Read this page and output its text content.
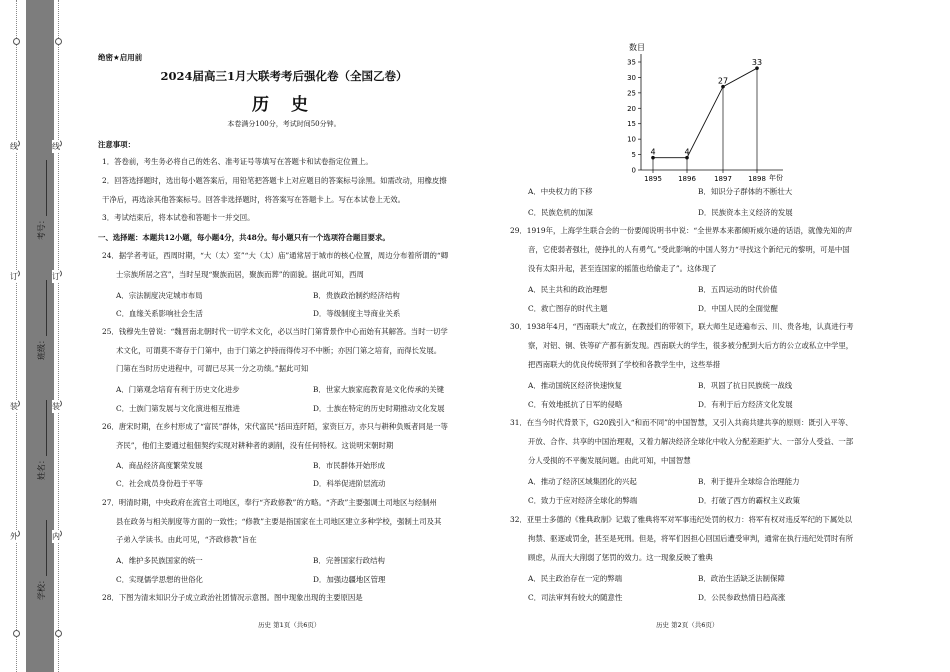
外
装
订
线
内
装
订
线
学校：
姓名：
班级：
考号：
绝密★启用前
2024届高三1月大联考考后强化卷（全国乙卷）
历 史
本卷满分100分，考试时间50分钟。
注意事项：
1．答卷前，考生务必将自己的姓名、准考证号等填写在答题卡和试卷指定位置上。
2．回答选择题时，选出每小题答案后，用铅笔把答题卡上对应题目的答案标号涂黑。如需改动，用橡皮擦
干净后，再选涂其他答案标号。回答非选择题时，将答案写在答题卡上。写在本试卷上无效。
3．考试结束后，将本试卷和答题卡一并交回。
一、选择题：本题共12小题，每小题4分，共48分。每小题只有一个选项符合题目要求。
24．据学者考证，西周时期，“大（太）室”“大（太）庙”通常居于城市的核心位置，周边分布着所谓的“卿
士宗族所居之宫”，当时呈现“聚族而居，聚族而葬”的面貌。据此可知，西周
A．宗法制度决定城市布局	B．贵族政治制约经济结构
C．血缘关系影响社会生活	D．等级制度主导商业关系
25．钱穆先生曾说：“魏晋南北朝时代一切学术文化，必以当时门第背景作中心而始有其解答。当时一切学
术文化，可谓莫不寄存于门第中，由于门第之护持而得传习不中断；亦因门第之培育，而得长发展。
门第在当时历史进程中，可谓已尽其一分之功绩。”据此可知
A．门第观念培育有利于历史文化进步	B．世家大族家庭教育是文化传承的关键
C．士族门第发展与文化演进相互推进	D．士族在特定的历史时期推动文化发展
26．唐宋时期，在乡村形成了“富民”群体，宋代富民“括田连阡陌，家资巨万，亦只与耕种负贩者同是一等
齐民”，他们主要通过租佃契约实现对耕种者的剥削，没有任何特权。这说明宋朝时期
A．商品经济高度繁荣发展	B．市民群体开始形成
C．社会成员身份趋于平等	D．科举促进阶层流动
27．明清时期，中央政府在流官土司地区，奉行“齐政修教”的方略。“齐政”主要强调土司地区与经制州
县在政务与相关制度等方面的一致性；“修教”主要是指国家在土司地区建立多种学校，强制土司及其
子弟入学读书。由此可见，“齐政修教”旨在
A．维护多民族国家的统一	B．完善国家行政结构
C．实现儒学思想的世俗化	D．加强边疆地区管理
28．下图为清末知识分子成立政治社团情况示意图。图中现象出现的主要原因是
历史 第1页（共6页）
数目
年份
0
5
10
15
20
25
30
35
1895 1896	1897 1898
4	4
27
33
A．中央权力的下移	B．知识分子群体的不断壮大
C．民族危机的加深	D．民族资本主义经济的发展
29．1919年，上海学生联合会的一份要闻说明书中说：“全世界本来都倾听威尔逊的话语，就像先知的声
音，它使弱者强壮，使挣扎的人有勇气。”受此影响的中国人努力“寻找这个新纪元的黎明，可是中国
没有太阳升起，甚至连国家的摇篮也给偷走了”。这体现了
A．民主共和的政治理想	B．五四运动的时代价值
C．救亡图存的时代主题	D．中国人民的全面觉醒
30．1938年4月，“西南联大”成立，在教授们的带领下，联大师生足迹遍布云、川、贵各地，认真进行考
察，对铝、铜、铁等矿产都有新发现。西南联大的学生，很多被分配到大后方的公立或私立中学里，
把西南联大的优良传统带到了学校和各教学生中，这些举措
A．推动国统区经济快速恢复	B．巩固了抗日民族统一战线
C．有效地抵抗了日军的侵略	D．有利于后方经济文化发展
31．在当今时代背景下，G20践引入“和而不同”的中国智慧，又引入共商共建共享的原则：既引入平等、
开放、合作、共享的中国治理观，又着力解决经济全球化中收入分配差距扩大、一部分人受益、一部
分人受损的不平衡发展问题。由此可知，中国智慧
A．推动了经济区域集团化的兴起	B．利于提升全球综合治理能力
C．致力于应对经济全球化的弊端	D．打破了西方的霸权主义政策
32．亚里士多德的《雅典政制》记载了雅典将军对军事违纪处罚的权力：将军有权对违反军纪的下属处以
拘禁、驱逐或罚金，甚至是死刑。但是，将军们因担心回国后遭受审判，通常在执行违纪处罚时有所
顾虑，从而大大削弱了惩罚的效力。这一现象反映了雅典
A．民主政治存在一定的弊端	B．政治生活缺乏法制保障
C．司法审判有较大的随意性	D．公民参政热情日趋高涨
历史 第2页（共6页）
